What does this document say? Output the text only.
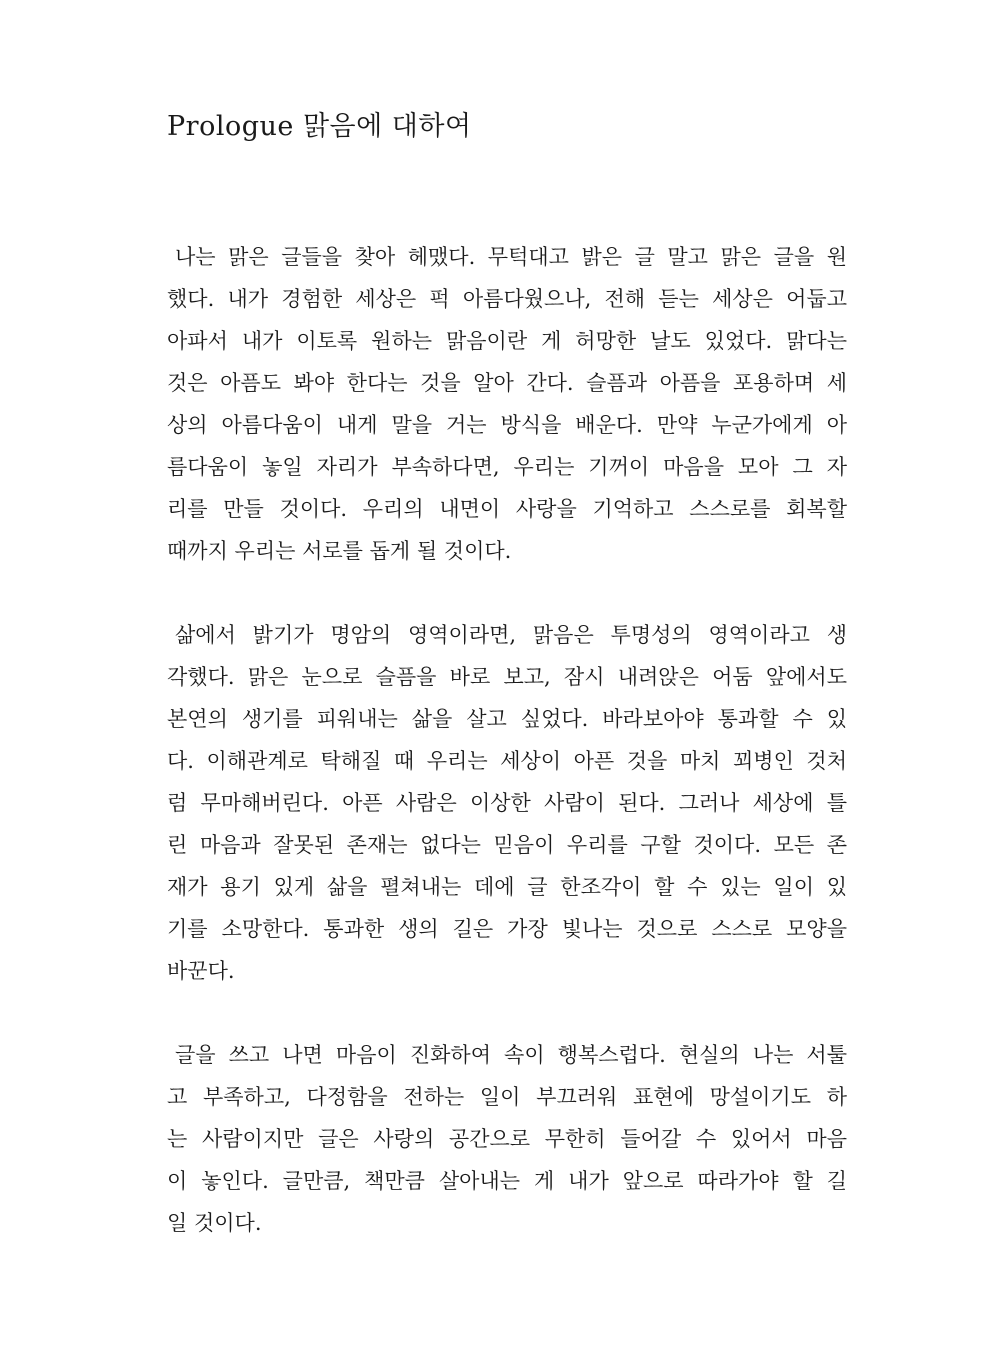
Prologue 맑음에 대하여

나는 맑은 글들을 찾아 헤맸다. 무턱대고 밝은 글 말고 맑은 글을 원
했다. 내가 경험한 세상은 퍽 아름다웠으나, 전해 듣는 세상은 어둡고
아파서 내가 이토록 원하는 맑음이란 게 허망한 날도 있었다. 맑다는
것은 아픔도 봐야 한다는 것을 알아 간다. 슬픔과 아픔을 포용하며 세
상의 아름다움이 내게 말을 거는 방식을 배운다. 만약 누군가에게 아
름다움이 놓일 자리가 부속하다면, 우리는 기꺼이 마음을 모아 그 자
리를 만들 것이다. 우리의 내면이 사랑을 기억하고 스스로를 회복할
때까지 우리는 서로를 돕게 될 것이다.

삶에서 밝기가 명암의 영역이라면, 맑음은 투명성의 영역이라고 생
각했다. 맑은 눈으로 슬픔을 바로 보고, 잠시 내려앉은 어둠 앞에서도
본연의 생기를 피워내는 삶을 살고 싶었다. 바라보아야 통과할 수 있
다. 이해관계로 탁해질 때 우리는 세상이 아픈 것을 마치 꾀병인 것처
럼 무마해버린다. 아픈 사람은 이상한 사람이 된다. 그러나 세상에 틀
린 마음과 잘못된 존재는 없다는 믿음이 우리를 구할 것이다. 모든 존
재가 용기 있게 삶을 펼쳐내는 데에 글 한조각이 할 수 있는 일이 있
기를 소망한다. 통과한 생의 길은 가장 빛나는 것으로 스스로 모양을
바꾼다.

글을 쓰고 나면 마음이 진화하여 속이 행복스럽다. 현실의 나는 서툴
고 부족하고, 다정함을 전하는 일이 부끄러워 표현에 망설이기도 하
는 사람이지만 글은 사랑의 공간으로 무한히 들어갈 수 있어서 마음
이 놓인다. 글만큼, 책만큼 살아내는 게 내가 앞으로 따라가야 할 길
일 것이다.
